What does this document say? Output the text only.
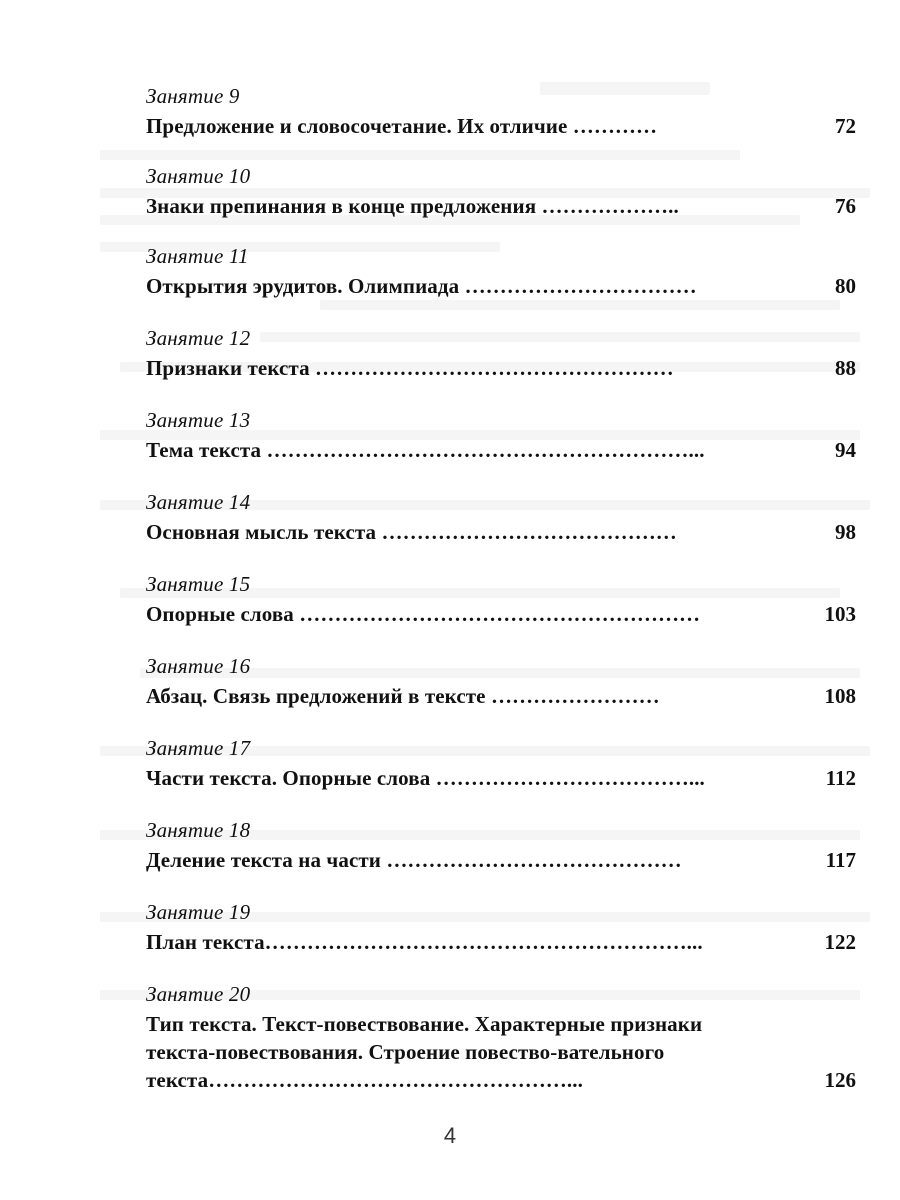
Занятие 9
Предложение и словосочетание. Их отличие …………	72
Занятие 10
Знаки препинания в конце предложения ………………..	76
Занятие 11
Открытия эрудитов. Олимпиада ……………………………	80
Занятие 12
Признаки текста ……………………………………………	88
Занятие 13
Тема текста ……………………………………………………...	94
Занятие 14
Основная мысль текста ……………………………………	98
Занятие 15
Опорные слова …………………………………………………	103
Занятие 16
Абзац. Связь предложений в тексте ……………………	108
Занятие 17
Части текста. Опорные слова ………………………………...	112
Занятие 18
Деление текста на части ……………………………………	117
Занятие 19
План текста……………………………………………………...	122
Занятие 20
Тип текста. Текст-повествование. Характерные признаки текста-повествования. Строение повество-вательного текста……………………………………………...	126
4
